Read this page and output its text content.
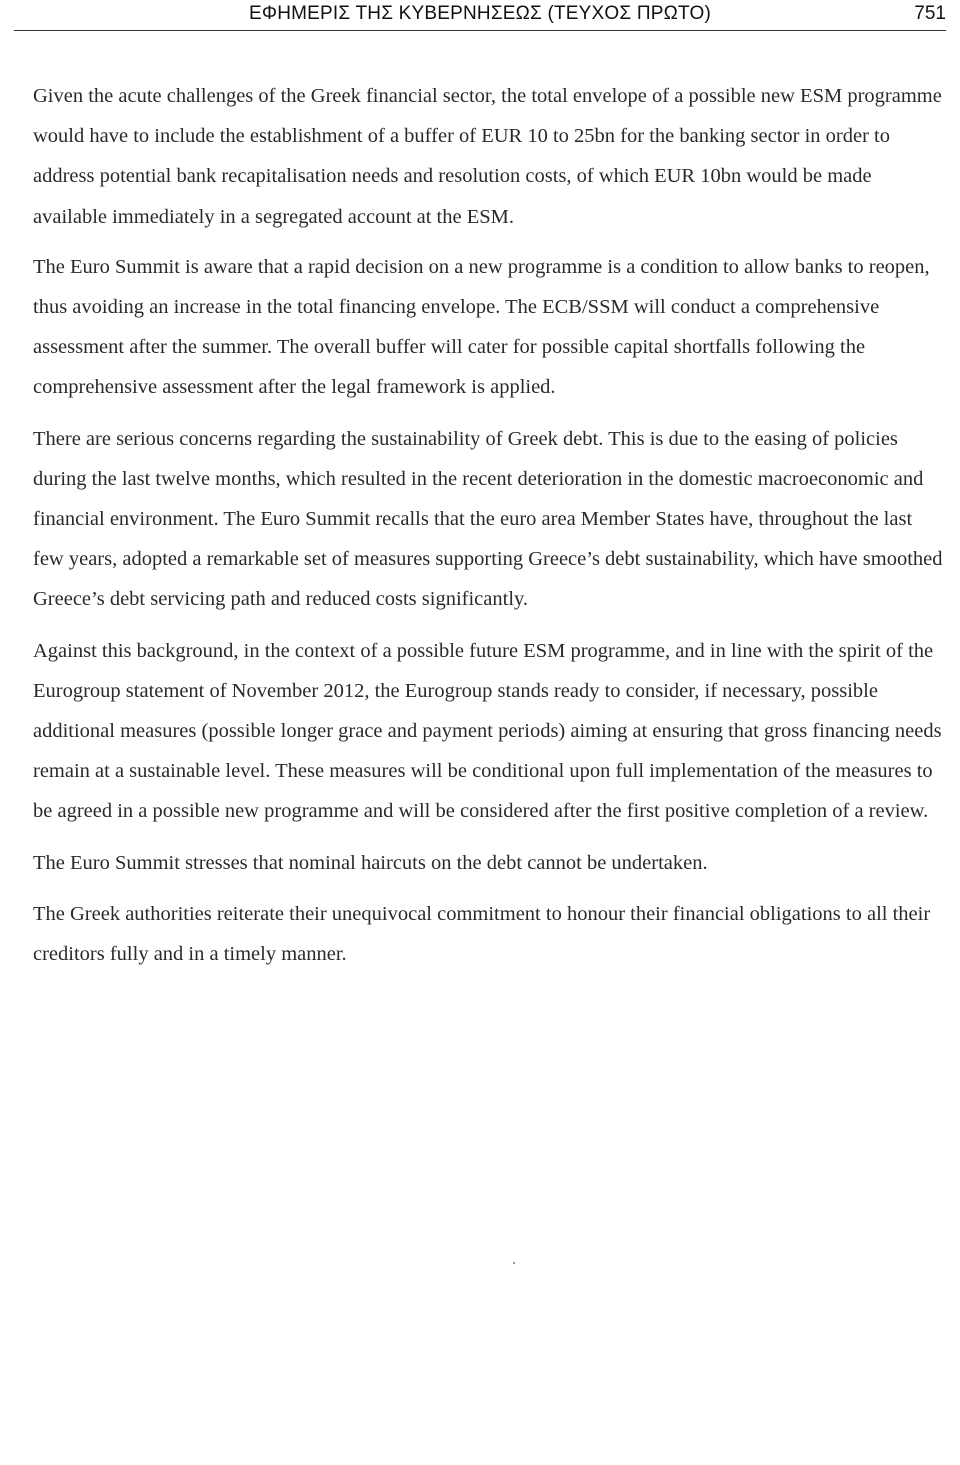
ΕΦΗΜΕΡΙΣ ΤΗΣ ΚΥΒΕΡΝΗΣΕΩΣ (ΤΕΥΧΟΣ ΠΡΩΤΟ)	751

Given the acute challenges of the Greek financial sector, the total envelope of a possible new ESM programme would have to include the establishment of a buffer of EUR 10 to 25bn for the banking sector in order to address potential bank recapitalisation needs and resolution costs, of which EUR 10bn would be made available immediately in a segregated account at the ESM.

The Euro Summit is aware that a rapid decision on a new programme is a condition to allow banks to reopen, thus avoiding an increase in the total financing envelope. The ECB/SSM will conduct a comprehensive assessment after the summer. The overall buffer will cater for possible capital shortfalls following the comprehensive assessment after the legal framework is applied.

There are serious concerns regarding the sustainability of Greek debt. This is due to the easing of policies during the last twelve months, which resulted in the recent deterioration in the domestic macroeconomic and financial environment. The Euro Summit recalls that the euro area Member States have, throughout the last few years, adopted a remarkable set of measures supporting Greece’s debt sustainability, which have smoothed Greece’s debt servicing path and reduced costs significantly.

Against this background, in the context of a possible future ESM programme, and in line with the spirit of the Eurogroup statement of November 2012, the Eurogroup stands ready to consider, if necessary, possible additional measures (possible longer grace and payment periods) aiming at ensuring that gross financing needs remain at a sustainable level. These measures will be conditional upon full implementation of the measures to be agreed in a possible new programme and will be considered after the first positive completion of a review.

The Euro Summit stresses that nominal haircuts on the debt cannot be undertaken.

The Greek authorities reiterate their unequivocal commitment to honour their financial obligations to all their creditors fully and in a timely manner.
